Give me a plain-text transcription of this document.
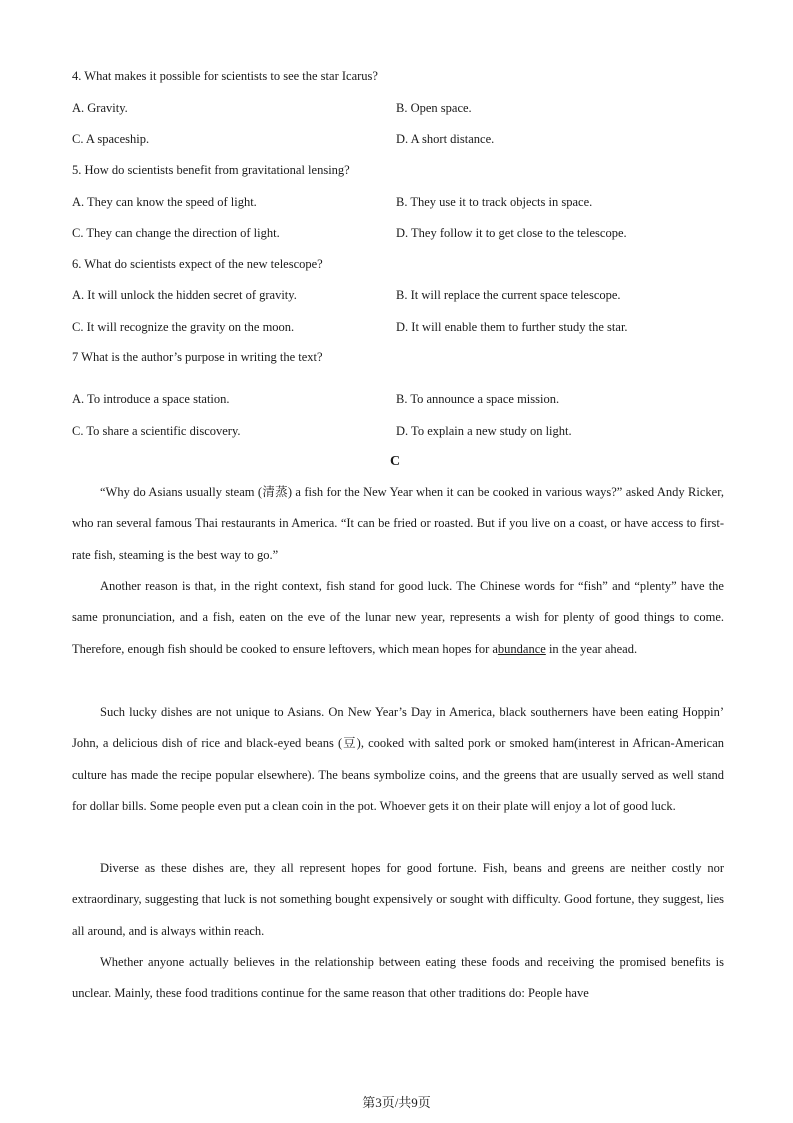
4. What makes it possible for scientists to see the star Icarus?
A. Gravity.	B. Open space.
C. A spaceship.	D. A short distance.
5. How do scientists benefit from gravitational lensing?
A. They can know the speed of light.	B. They use it to track objects in space.
C. They can change the direction of light.	D. They follow it to get close to the telescope.
6. What do scientists expect of the new telescope?
A. It will unlock the hidden secret of gravity.	B. It will replace the current space telescope.
C. It will recognize the gravity on the moon.	D. It will enable them to further study the star.
7 What is the author’s purpose in writing the text?
A. To introduce a space station.	B. To announce a space mission.
C. To share a scientific discovery.	D. To explain a new study on light.
C
“Why do Asians usually steam (清蒸) a fish for the New Year when it can be cooked in various ways?” asked Andy Ricker, who ran several famous Thai restaurants in America. “It can be fried or roasted. But if you live on a coast, or have access to first-rate fish, steaming is the best way to go.”
Another reason is that, in the right context, fish stand for good luck. The Chinese words for “fish” and “plenty” have the same pronunciation, and a fish, eaten on the eve of the lunar new year, represents a wish for plenty of good things to come. Therefore, enough fish should be cooked to ensure leftovers, which mean hopes for abundance in the year ahead.
Such lucky dishes are not unique to Asians. On New Year’s Day in America, black southerners have been eating Hoppin’ John, a delicious dish of rice and black-eyed beans (豆), cooked with salted pork or smoked ham(interest in African-American culture has made the recipe popular elsewhere). The beans symbolize coins, and the greens that are usually served as well stand for dollar bills. Some people even put a clean coin in the pot. Whoever gets it on their plate will enjoy a lot of good luck.
Diverse as these dishes are, they all represent hopes for good fortune. Fish, beans and greens are neither costly nor extraordinary, suggesting that luck is not something bought expensively or sought with difficulty. Good fortune, they suggest, lies all around, and is always within reach.
Whether anyone actually believes in the relationship between eating these foods and receiving the promised benefits is unclear. Mainly, these food traditions continue for the same reason that other traditions do: People have
第3页/共9页
